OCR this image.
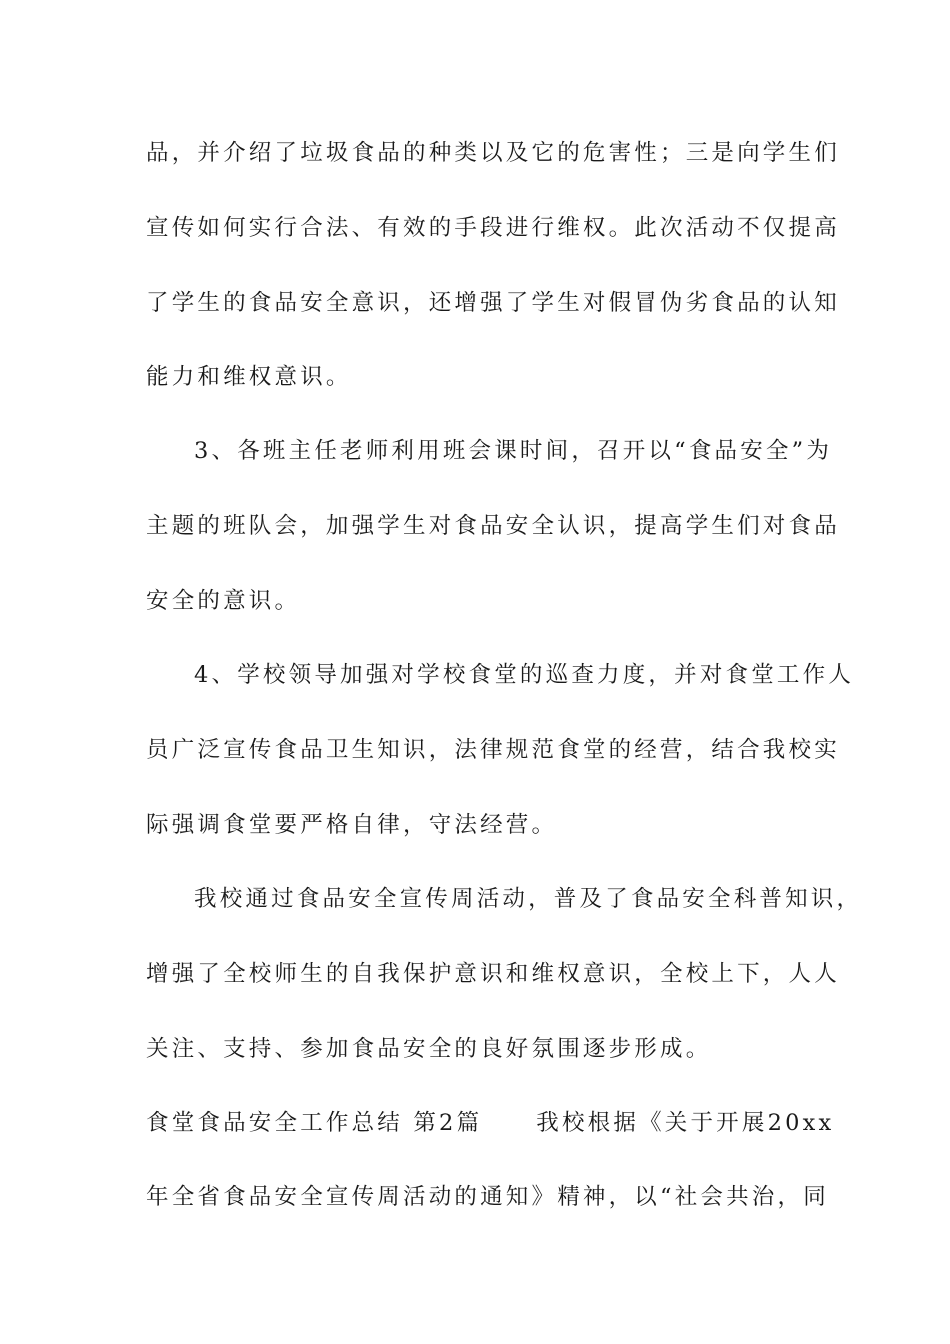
品，并介绍了垃圾食品的种类以及它的危害性；三是向学生们
宣传如何实行合法、有效的手段进行维权。此次活动不仅提高
了学生的食品安全意识，还增强了学生对假冒伪劣食品的认知
能力和维权意识。
3、各班主任老师利用班会课时间，召开以“食品安全”为
主题的班队会，加强学生对食品安全认识，提高学生们对食品
安全的意识。
4、学校领导加强对学校食堂的巡查力度，并对食堂工作人
员广泛宣传食品卫生知识，法律规范食堂的经营，结合我校实
际强调食堂要严格自律，守法经营。
我校通过食品安全宣传周活动，普及了食品安全科普知识，
增强了全校师生的自我保护意识和维权意识，全校上下，人人
关注、支持、参加食品安全的良好氛围逐步形成。
食堂食品安全工作总结 第2篇 我校根据《关于开展20xx
年全省食品安全宣传周活动的通知》精神，以“社会共治，同
